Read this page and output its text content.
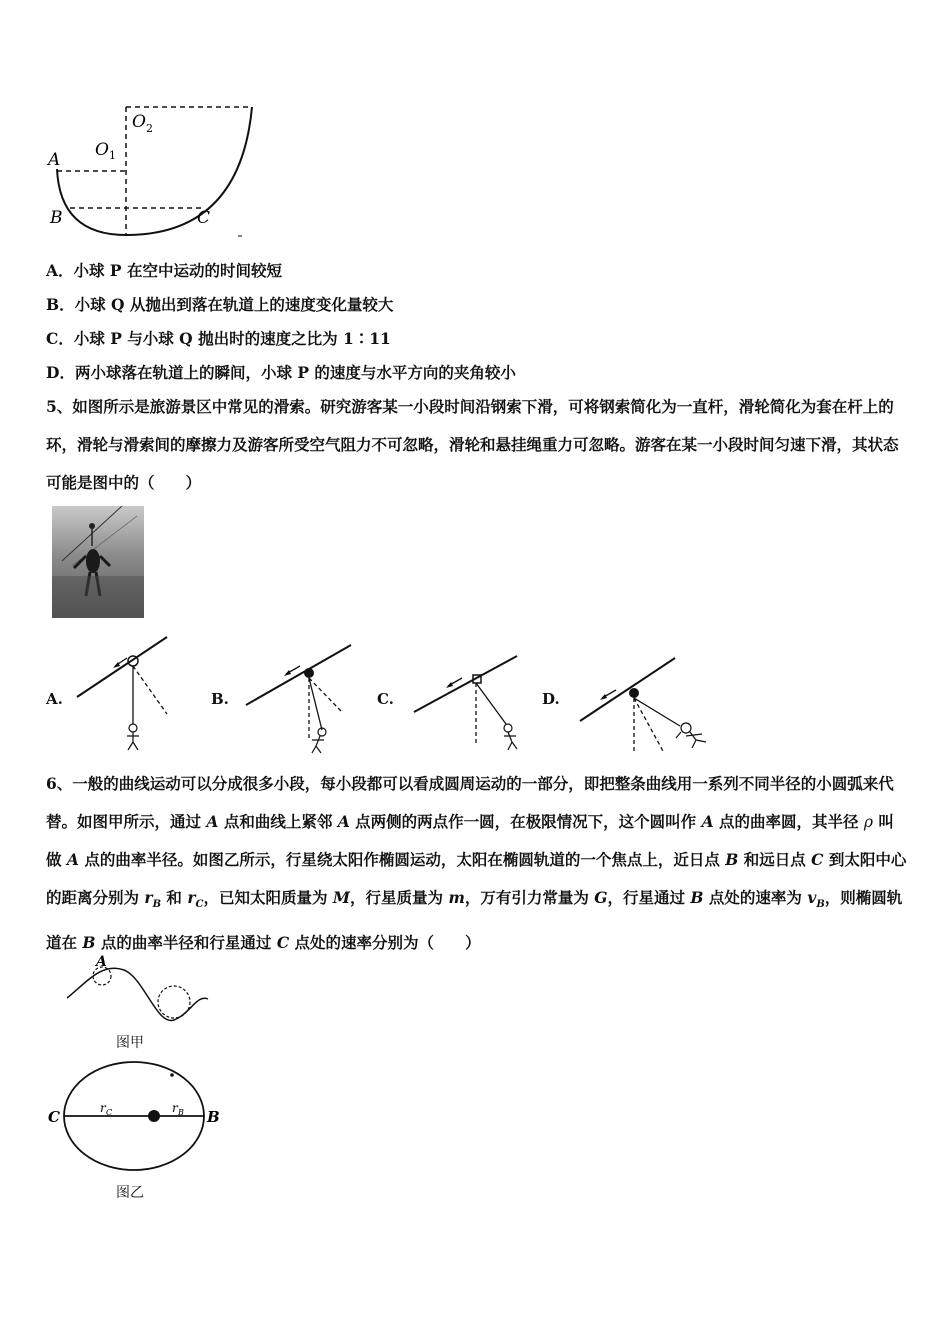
A O 1
O 2
B	C
A．小球 P 在空中运动的时间较短
B．小球 Q 从抛出到落在轨道上的速度变化量较大
C．小球 P 与小球 Q 抛出时的速度之比为 1∶11
D．两小球落在轨道上的瞬间，小球 P 的速度与水平方向的夹角较小
5、如图所示是旅游景区中常见的滑索。研究游客某一小段时间沿钢索下滑，可将钢索简化为一直杆，滑轮简化为套在杆上的环，滑轮与滑索间的摩擦力及游客所受空气阻力不可忽略，滑轮和悬挂绳重力可忽略。游客在某一小段时间匀速下滑，其状态可能是图中的（　　）
A.	B.	C.	D.
6、一般的曲线运动可以分成很多小段，每小段都可以看成圆周运动的一部分，即把整条曲线用一系列不同半径的小圆弧来代替。如图甲所示，通过 A 点和曲线上紧邻 A 点两侧的两点作一圆，在极限情况下，这个圆叫作 A 点的曲率圆，其半径 ρ 叫做 A 点的曲率半径。如图乙所示，行星绕太阳作椭圆运动，太阳在椭圆轨道的一个焦点上，近日点 B 和远日点 C 到太阳中心的距离分别为 $r_B$ 和 $r_C$，已知太阳质量为 M，行星质量为 m，万有引力常量为 G，行星通过 B 点处的速率为 $v_B$，则椭圆轨道在 B 点的曲率半径和行星通过 C 点处的速率分别为（　　）
A
图甲
C	B
r C	r B
图乙
